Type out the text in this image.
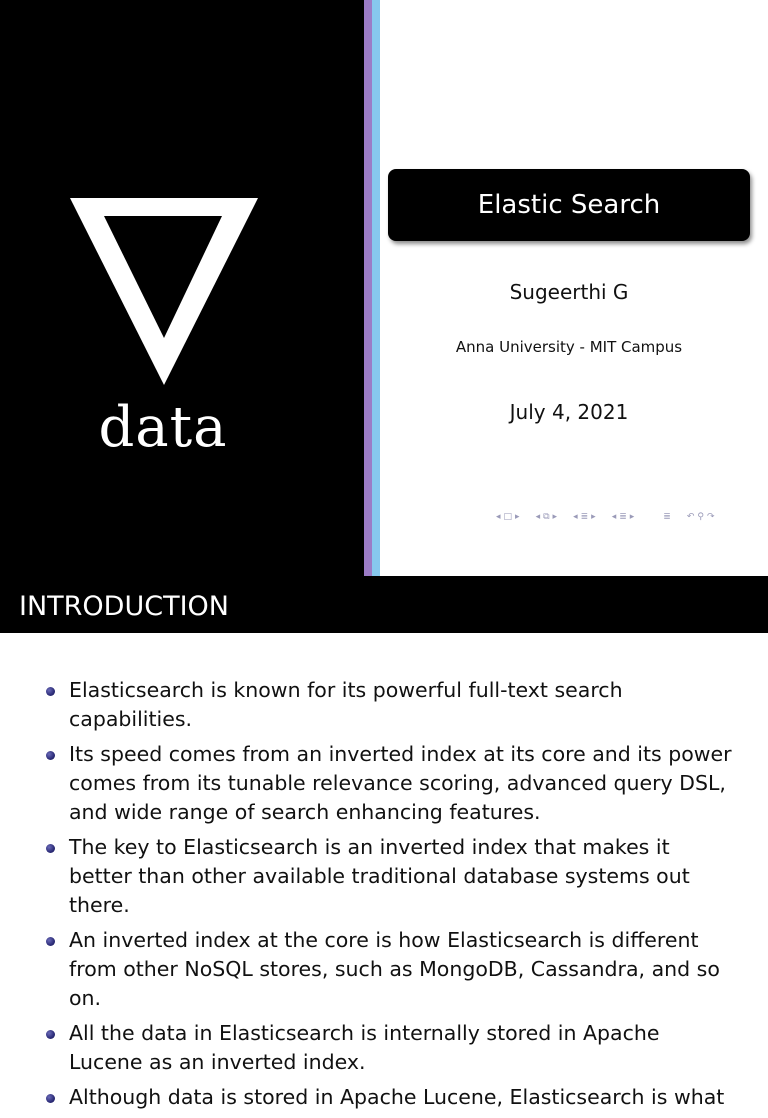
data
Elastic Search
Sugeerthi G
Anna University - MIT Campus
July 4, 2021
◂ □ ▸ ◂ ⧉ ▸ ◂ ≣ ▸ ◂ ≣ ▸	≣ ↶ ⚲ ↷
INTRODUCTION
Elasticsearch is known for its powerful full-text search capabilities.
Its speed comes from an inverted index at its core and its power comes from its tunable relevance scoring, advanced query DSL, and wide range of search enhancing features.
The key to Elasticsearch is an inverted index that makes it better than other available traditional database systems out there.
An inverted index at the core is how Elasticsearch is different from other NoSQL stores, such as MongoDB, Cassandra, and so on.
All the data in Elasticsearch is internally stored in Apache Lucene as an inverted index.
Although data is stored in Apache Lucene, Elasticsearch is what
